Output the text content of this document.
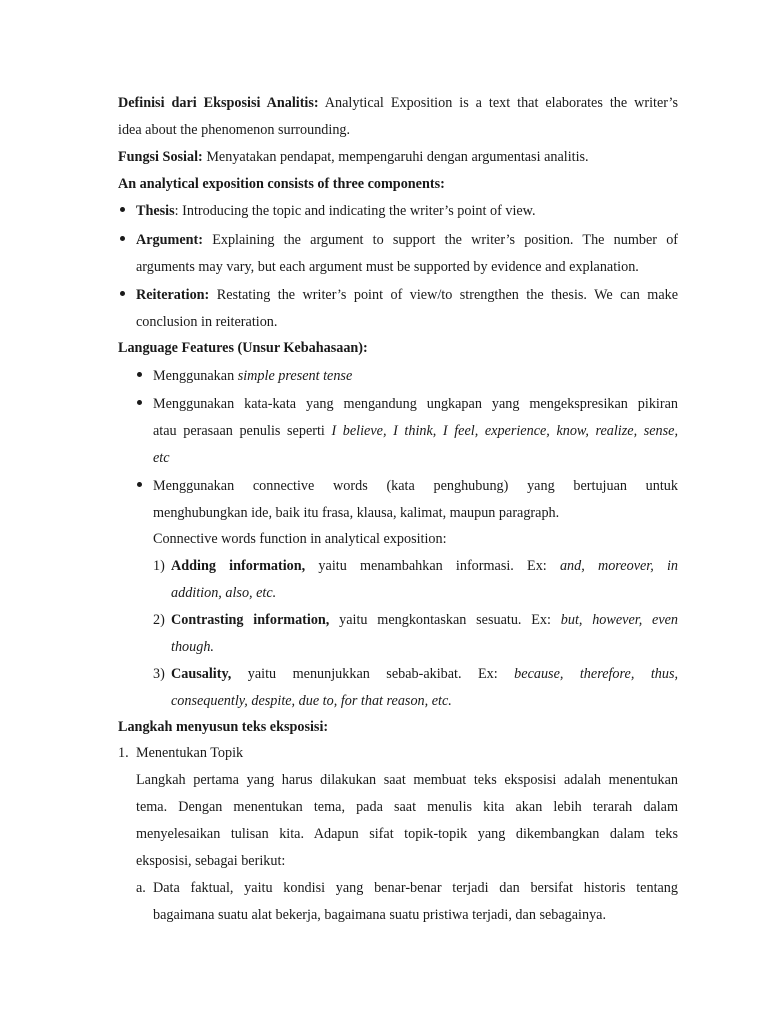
Definisi dari Eksposisi Analitis: Analytical Exposition is a text that elaborates the writer’s
idea about the phenomenon surrounding.
Fungsi Sosial: Menyatakan pendapat, mempengaruhi dengan argumentasi analitis.
An analytical exposition consists of three components:
Thesis: Introducing the topic and indicating the writer’s point of view.
Argument: Explaining the argument to support the writer’s position. The number of
arguments may vary, but each argument must be supported by evidence and explanation.
Reiteration: Restating the writer’s point of view/to strengthen the thesis. We can make
conclusion in reiteration.
Language Features (Unsur Kebahasaan):
Menggunakan simple present tense
Menggunakan kata-kata yang mengandung ungkapan yang mengekspresikan pikiran
atau perasaan penulis seperti I believe, I think, I feel, experience, know, realize, sense,
etc
Menggunakan connective words (kata penghubung) yang bertujuan untuk
menghubungkan ide, baik itu frasa, klausa, kalimat, maupun paragraph.
Connective words function in analytical exposition:
1) Adding information, yaitu menambahkan informasi. Ex: and, moreover, in
addition, also, etc.
2) Contrasting information, yaitu mengkontaskan sesuatu. Ex: but, however, even
though.
3) Causality, yaitu menunjukkan sebab-akibat. Ex: because, therefore, thus,
consequently, despite, due to, for that reason, etc.
Langkah menyusun teks eksposisi:
1. Menentukan Topik
Langkah pertama yang harus dilakukan saat membuat teks eksposisi adalah menentukan
tema. Dengan menentukan tema, pada saat menulis kita akan lebih terarah dalam
menyelesaikan tulisan kita. Adapun sifat topik-topik yang dikembangkan dalam teks
eksposisi, sebagai berikut:
a. Data faktual, yaitu kondisi yang benar-benar terjadi dan bersifat historis tentang
bagaimana suatu alat bekerja, bagaimana suatu pristiwa terjadi, dan sebagainya.
